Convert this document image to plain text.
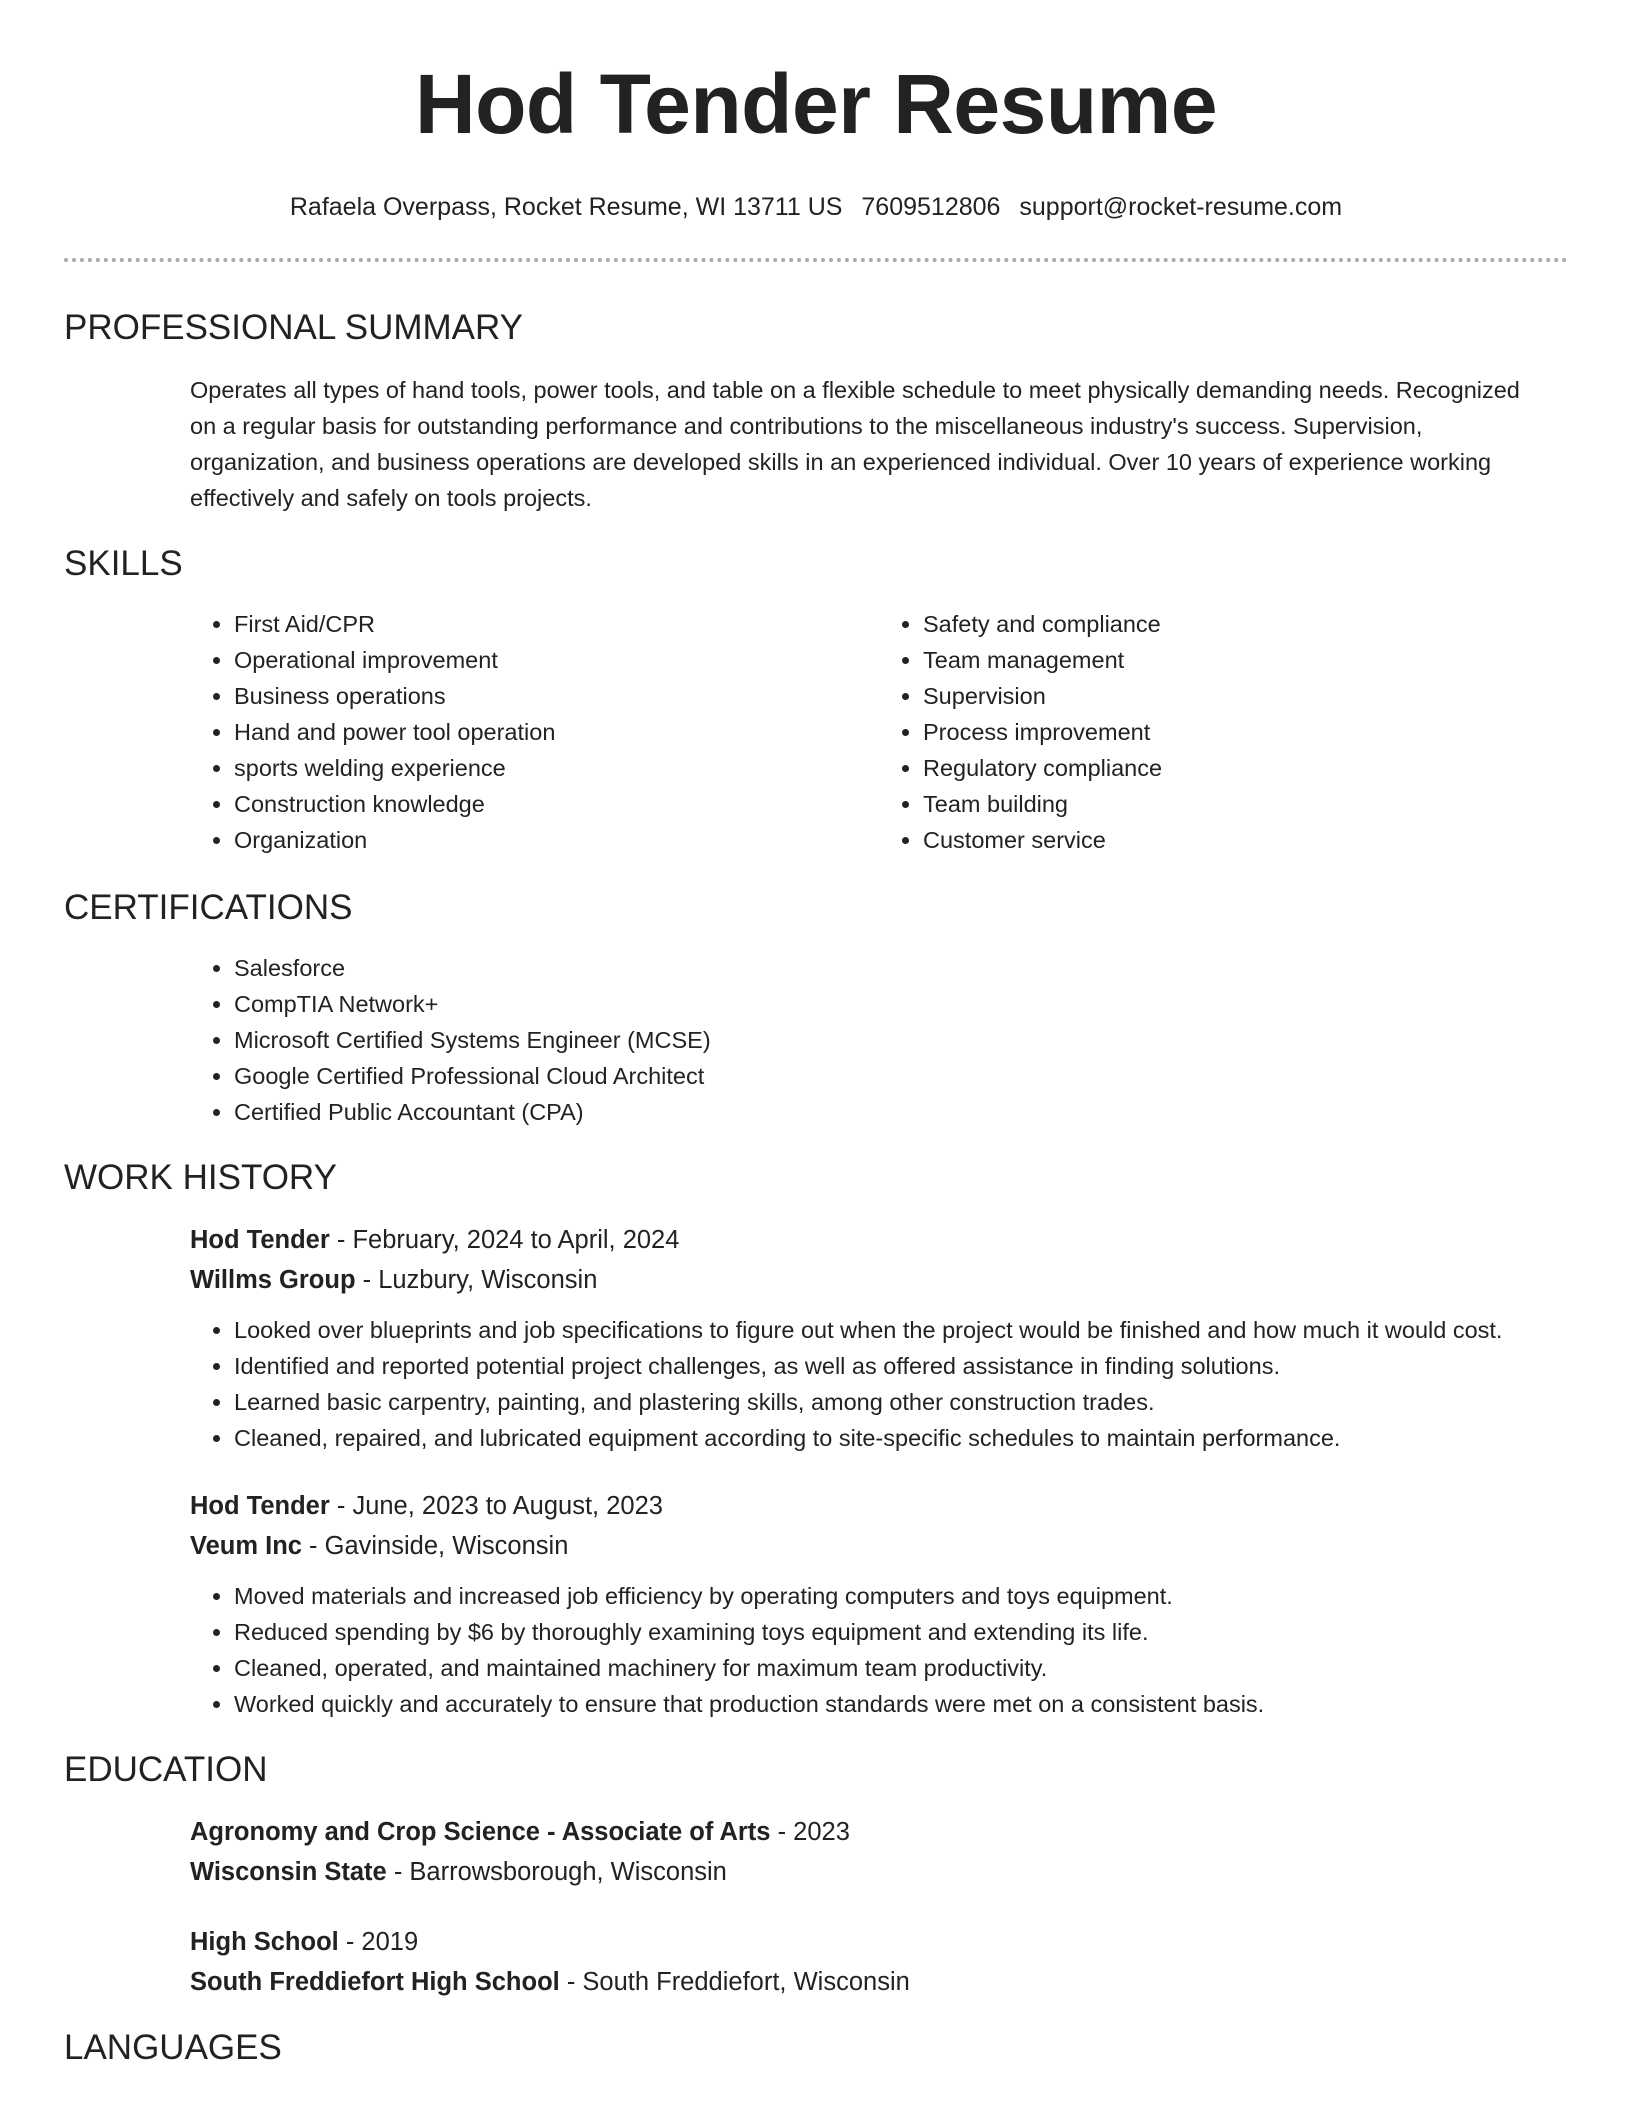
Hod Tender Resume
Rafaela Overpass, Rocket Resume, WI 13711 US 7609512806 support@rocket-resume.com
PROFESSIONAL SUMMARY

Operates all types of hand tools, power tools, and table on a flexible schedule to meet physically demanding needs. Recognized on a regular basis for outstanding performance and contributions to the miscellaneous industry's success. Supervision, organization, and business operations are developed skills in an experienced individual. Over 10 years of experience working effectively and safely on tools projects.

SKILLS
• First Aid/CPR
• Operational improvement
• Business operations
• Hand and power tool operation
• sports welding experience
• Construction knowledge
• Organization
• Safety and compliance
• Team management
• Supervision
• Process improvement
• Regulatory compliance
• Team building
• Customer service
CERTIFICATIONS
• Salesforce
• CompTIA Network+
• Microsoft Certified Systems Engineer (MCSE)
• Google Certified Professional Cloud Architect
• Certified Public Accountant (CPA)
WORK HISTORY
Hod Tender - February, 2024 to April, 2024
Willms Group - Luzbury, Wisconsin
• Looked over blueprints and job specifications to figure out when the project would be finished and how much it would cost.
• Identified and reported potential project challenges, as well as offered assistance in finding solutions.
• Learned basic carpentry, painting, and plastering skills, among other construction trades.
• Cleaned, repaired, and lubricated equipment according to site-specific schedules to maintain performance.
Hod Tender - June, 2023 to August, 2023
Veum Inc - Gavinside, Wisconsin
• Moved materials and increased job efficiency by operating computers and toys equipment.
• Reduced spending by $6 by thoroughly examining toys equipment and extending its life.
• Cleaned, operated, and maintained machinery for maximum team productivity.
• Worked quickly and accurately to ensure that production standards were met on a consistent basis.
EDUCATION
Agronomy and Crop Science - Associate of Arts - 2023
Wisconsin State - Barrowsborough, Wisconsin
High School - 2019
South Freddiefort High School - South Freddiefort, Wisconsin
LANGUAGES
